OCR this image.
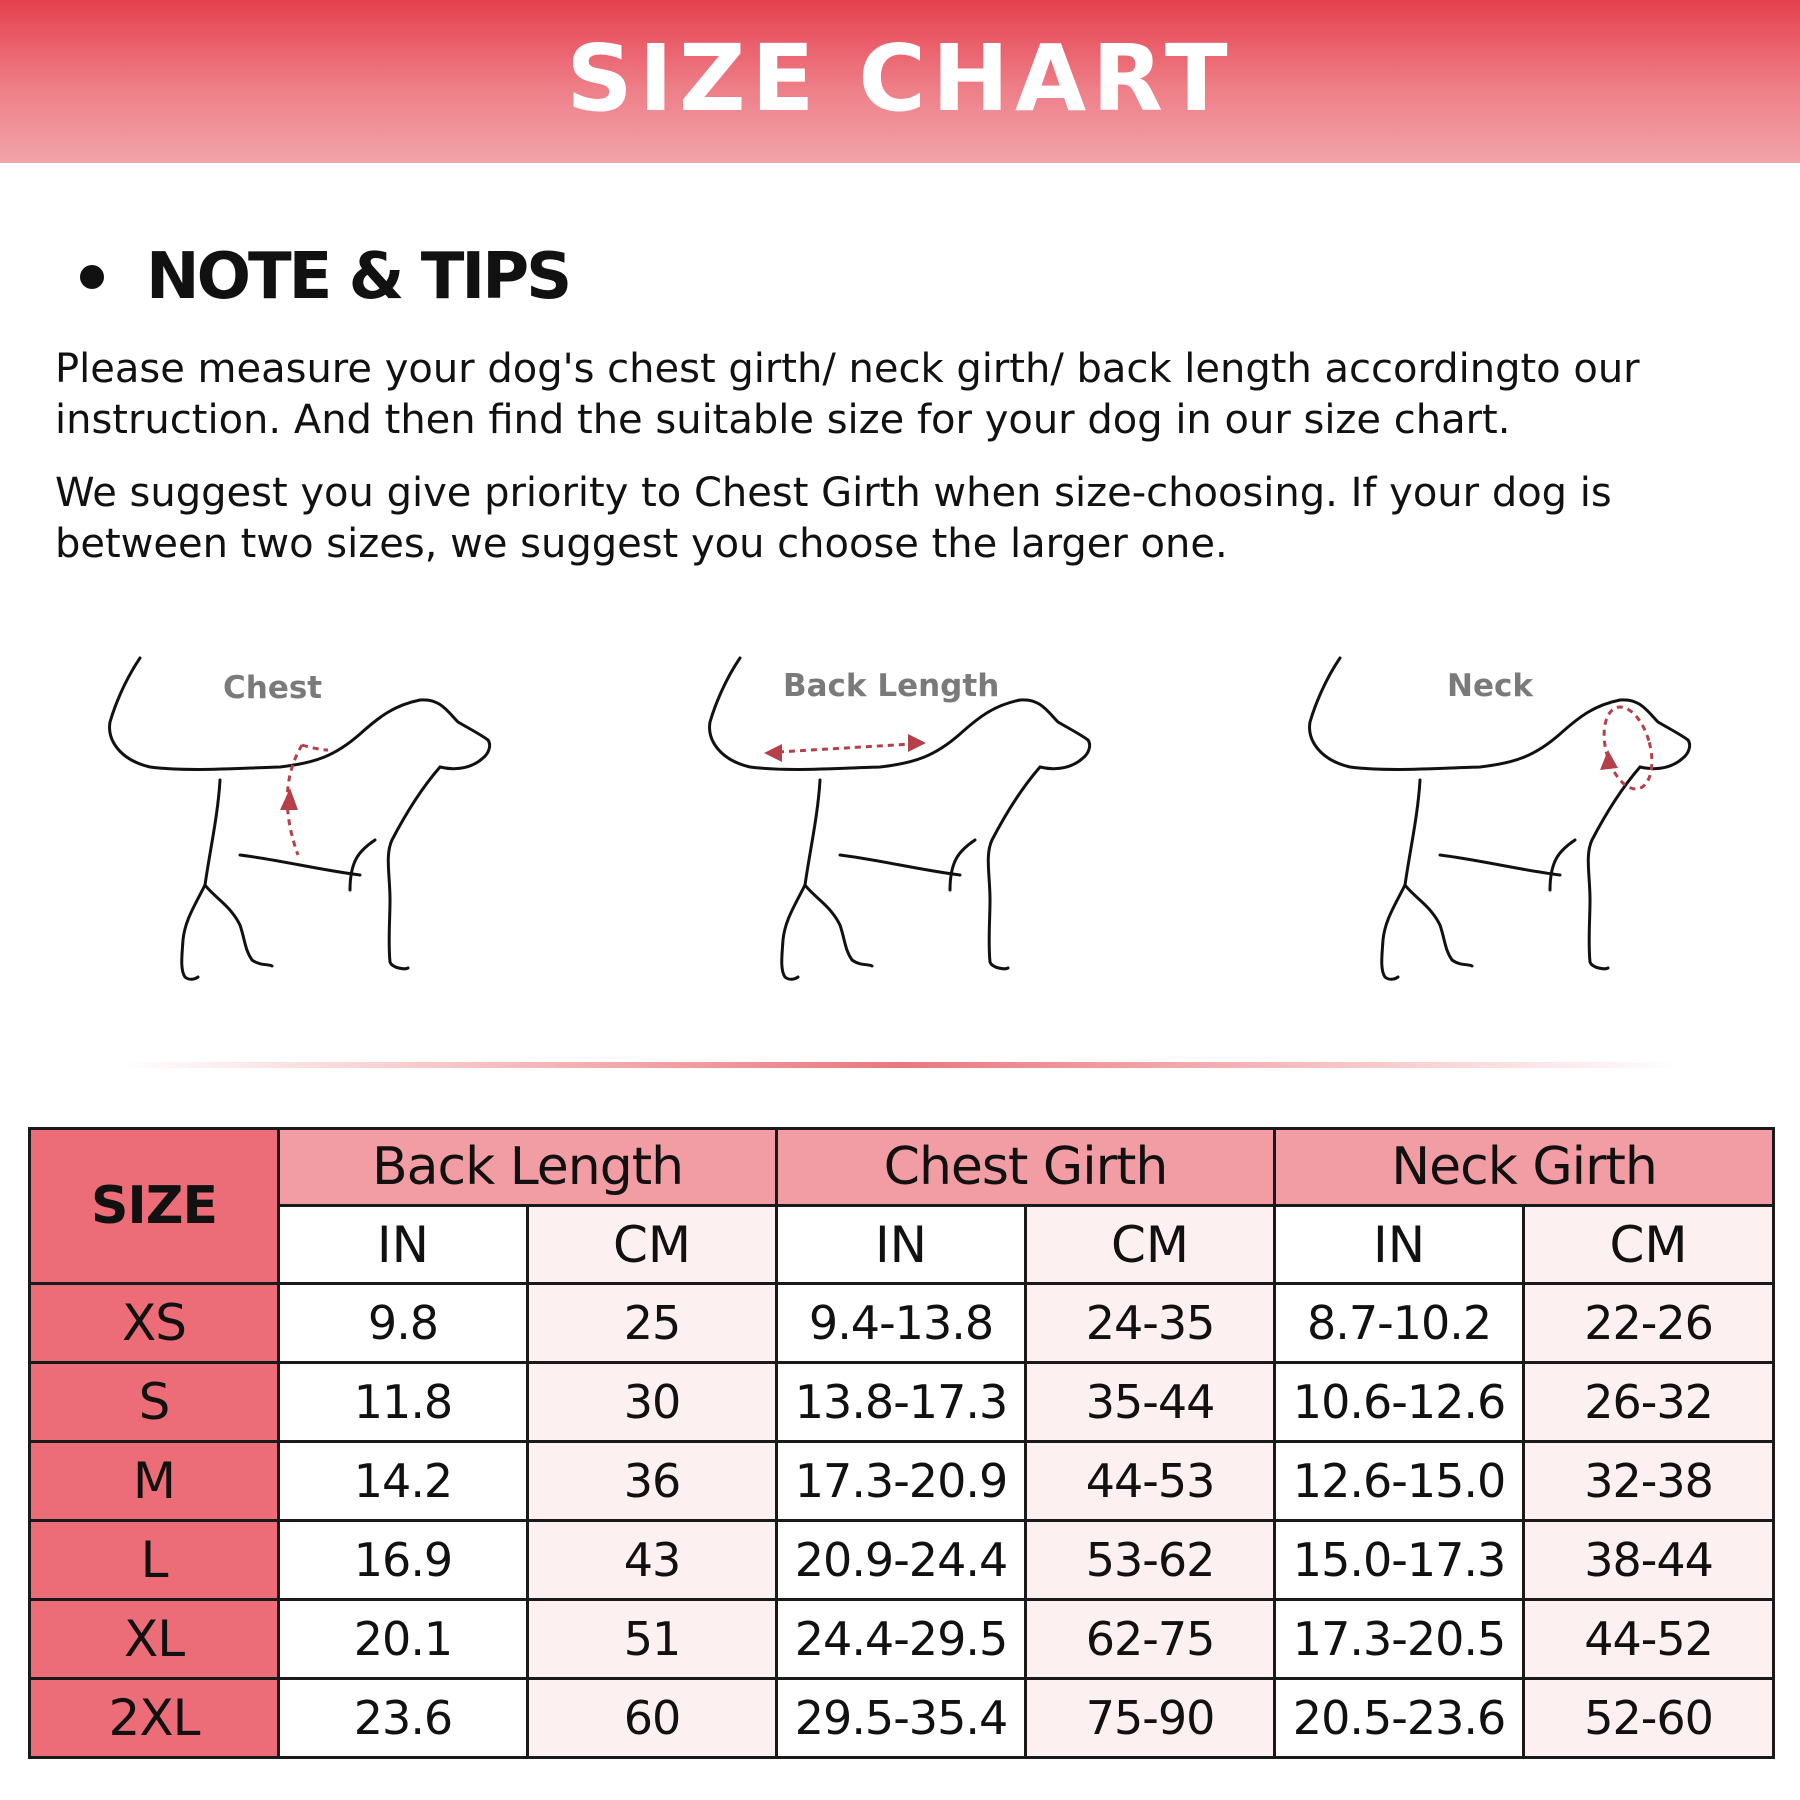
SIZE CHART
NOTE & TIPS
Please measure your dog's chest girth/ neck girth/ back length accordingto our instruction. And then find the suitable size for your dog in our size chart.
We suggest you give priority to Chest Girth when size-choosing. If your dog is between two sizes, we suggest you choose the larger one.
Chest	Back Length	Neck
SIZE	Back Length		Chest Girth		Neck Girth	
	IN	CM	IN	CM	IN	CM
XS	9.8	25	9.4-13.8	24-35	8.7-10.2	22-26
S	11.8	30	13.8-17.3	35-44	10.6-12.6	26-32
M	14.2	36	17.3-20.9	44-53	12.6-15.0	32-38
L	16.9	43	20.9-24.4	53-62	15.0-17.3	38-44
XL	20.1	51	24.4-29.5	62-75	17.3-20.5	44-52
2XL	23.6	60	29.5-35.4	75-90	20.5-23.6	52-60
